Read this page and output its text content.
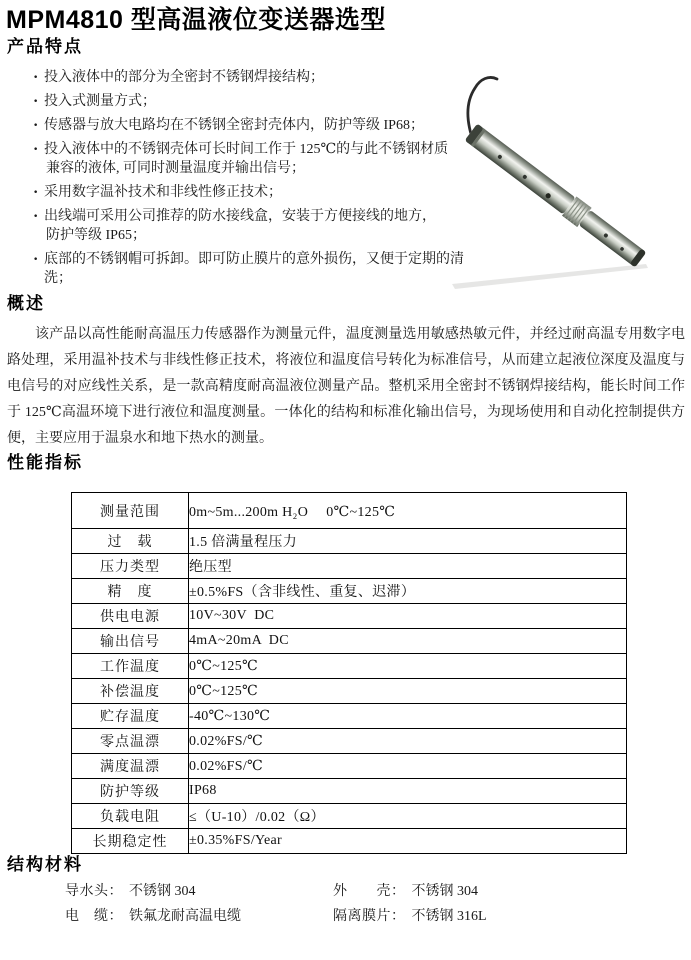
MPM4810 型高温液位变送器选型
产品特点
· 投入液体中的部分为全密封不锈钢焊接结构；
· 投入式测量方式；
· 传感器与放大电路均在不锈钢全密封壳体内，防护等级 IP68；
· 投入液体中的不锈钢壳体可长时间工作于 125℃的与此不锈钢材质
兼容的液体, 可同时测量温度并输出信号；
· 采用数字温补技术和非线性修正技术；
· 出线端可采用公司推荐的防水接线盒，安装于方便接线的地方，
防护等级 IP65；
· 底部的不锈钢帽可拆卸。即可防止膜片的意外损伤，又便于定期的清洗；
概述

该产品以高性能耐高温压力传感器作为测量元件，温度测量选用敏感热敏元件，并经过耐高温专用数字电路处理，采用温补技术与非线性修正技术，将液位和温度信号转化为标准信号，从而建立起液位深度及温度与电信号的对应线性关系，是一款高精度耐高温液位测量产品。整机采用全密封不锈钢焊接结构，能长时间工作于 125℃高温环境下进行液位和温度测量。一体化的结构和标准化输出信号，为现场使用和自动化控制提供方便，主要应用于温泉水和地下热水的测量。

性能指标
测量范围	0m~5m...200m H₂O　 0℃~125℃
过　载	1.5 倍满量程压力
压力类型	绝压型
精　度	±0.5%FS（含非线性、重复、迟滞）
供电电源	10V~30V  DC
输出信号	4mA~20mA  DC
工作温度	0℃~125℃
补偿温度	0℃~125℃
贮存温度	-40℃~130℃
零点温漂	0.02%FS/℃
满度温漂	0.02%FS/℃
防护等级	IP68
负载电阻	≤（U-10）/0.02（Ω）
长期稳定性	±0.35%FS/Year
结构材料
导水头： 不锈钢 304	外　　壳： 不锈钢 304
电　缆： 铁氟龙耐高温电缆	隔离膜片： 不锈钢 316L
